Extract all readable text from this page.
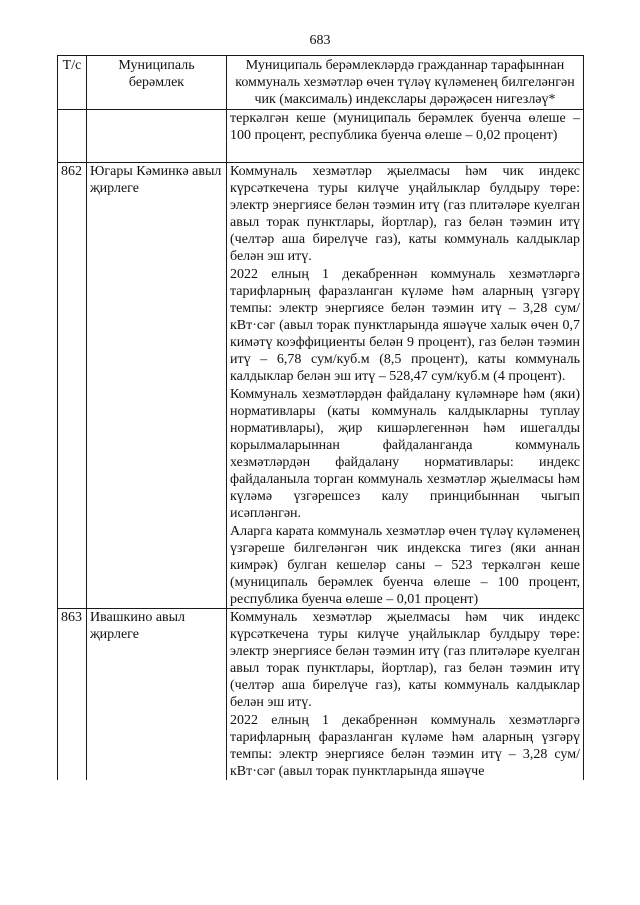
683
Т/с	Муниципаль берәмлек	Муниципаль берәмлекләрдә гражданнар тарафыннан коммуналь хезмәтләр өчен түләү күләменең билгеләнгән чик (максималь) индекслары дәрәҗәсен нигезләү*

		теркәлгән кеше (муниципаль берәмлек буенча өлеше – 100 процент, республика буенча өлеше – 0,02 процент)

862	Югары Кәминкә авыл җирлеге	Коммуналь хезмәтләр җыелмасы һәм чик индекс күрсәткечена туры килүче уңайлыклар булдыру төре: электр энергиясе белән тәэмин итү (газ плитәләре куелган авыл торак пунктлары, йортлар), газ белән тәэмин итү (челтәр аша бирелүче газ), каты коммуналь калдыклар белән эш итү.

2022 елның 1 декабреннән коммуналь хезмәтләргә тарифларның фаразланган күләме һәм аларның үзгәрү темпы: электр энергиясе белән тәэмин итү – 3,28 сум/кВт·сәг (авыл торак пунктларында яшәүче халык өчен 0,7 кимәтү коэффициенты белән 9 процент), газ белән тәэмин итү – 6,78 сум/куб.м (8,5 процент), каты коммуналь калдыклар белән эш итү – 528,47 сум/куб.м (4 процент).

Коммуналь хезмәтләрдән файдалану күләмнәре һәм (яки) нормативлары (каты коммуналь калдыкларны туплау нормативлары), җир кишәрлегеннән һәм ишегалды корылмаларыннан файдаланганда коммуналь хезмәтләрдән файдалану нормативлары: индекс файдаланыла торган коммуналь хезмәтләр җыелмасы һәм күләмә үзгәрешсез калу принцибыннан чыгып исәпләнгән.

Аларга карата коммуналь хезмәтләр өчен түләү күләменең үзгәреше билгеләнгән чик индекска тигез (яки аннан кимрәк) булган кешеләр саны – 523 теркәлгән кеше (муниципаль берәмлек буенча өлеше – 100 процент, республика буенча өлеше – 0,01 процент)

863	Ивашкино авыл җирлеге	Коммуналь хезмәтләр җыелмасы һәм чик индекс күрсәткечена туры килүче уңайлыклар булдыру төре: электр энергиясе белән тәэмин итү (газ плитәләре куелган авыл торак пунктлары, йортлар), газ белән тәэмин итү (челтәр аша бирелүче газ), каты коммуналь калдыклар белән эш итү.

2022 елның 1 декабреннән коммуналь хезмәтләргә тарифларның фаразланган күләме һәм аларның үзгәрү темпы: электр энергиясе белән тәэмин итү – 3,28 сум/кВт·сәг (авыл торак пунктларында яшәүче
